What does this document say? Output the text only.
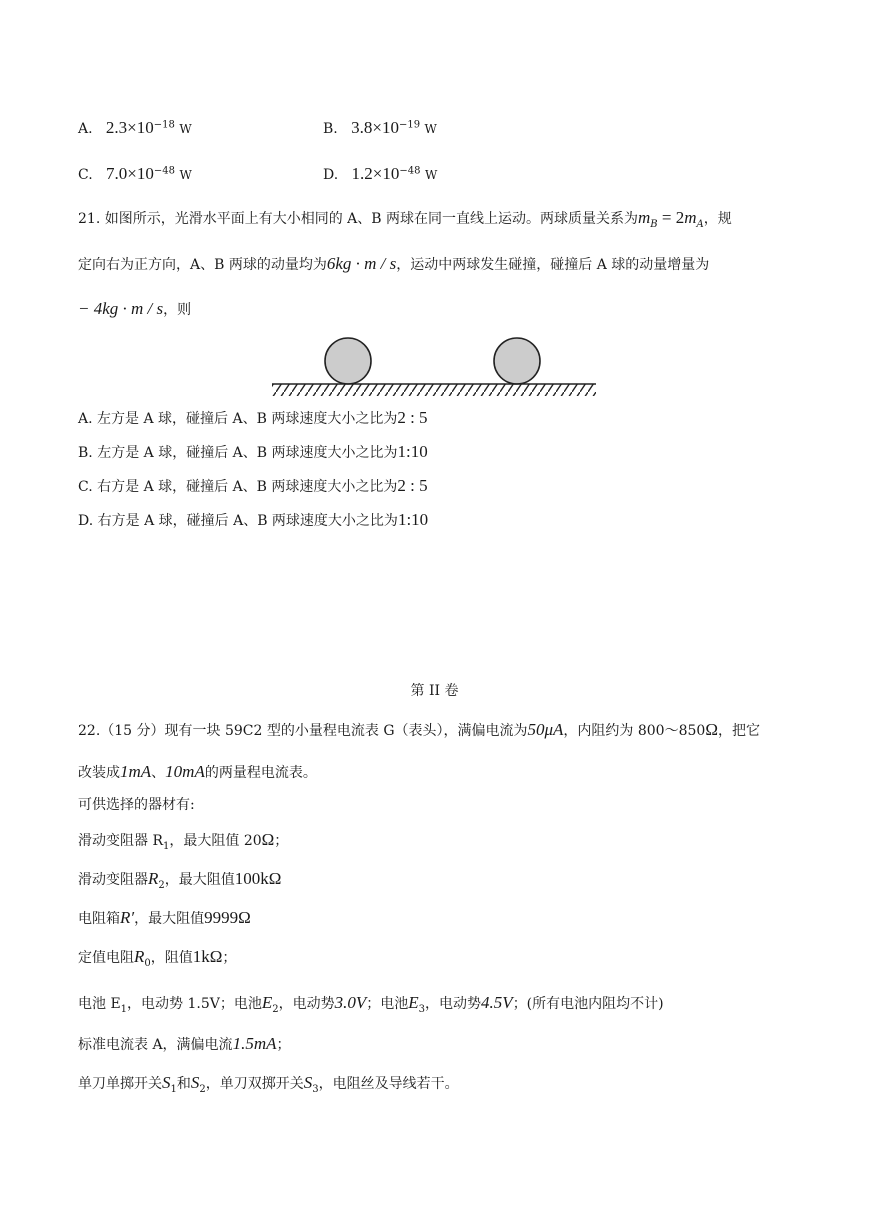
A. $2.3\times 10^{-18}$ W	B. $3.8\times 10^{-19}$ W
C. $7.0\times 10^{-48}$ W	D. $1.2\times 10^{-48}$ W
21. 如图所示，光滑水平面上有大小相同的 A、B 两球在同一直线上运动。两球质量关系为$m_B = 2m_A$，规
定向右为正方向，A、B 两球的动量均为6kg · m / s，运动中两球发生碰撞，碰撞后 A 球的动量增量为
− 4kg · m / s，则
A. 左方是 A 球，碰撞后 A、B 两球速度大小之比为2 : 5
B. 左方是 A 球，碰撞后 A、B 两球速度大小之比为1:10
C. 右方是 A 球，碰撞后 A、B 两球速度大小之比为2 : 5
D. 右方是 A 球，碰撞后 A、B 两球速度大小之比为1:10
第 II 卷
22.（15 分）现有一块 59C2 型的小量程电流表 G（表头），满偏电流为50μA，内阻约为 800～850Ω，把它
改装成1mA、10mA的两量程电流表。
可供选择的器材有:
滑动变阻器 $R_1$，最大阻值 20Ω；
滑动变阻器$R_2$，最大阻值100kΩ
电阻箱R′，最大阻值9999Ω
定值电阻$R_0$，阻值1kΩ；
电池 $E_1$，电动势 1.5V；电池$E_2$，电动势3.0V；电池$E_3$，电动势4.5V；(所有电池内阻均不计)
标准电流表 A，满偏电流1.5mA；
单刀单掷开关$S_1$和$S_2$，单刀双掷开关$S_3$，电阻丝及导线若干。
